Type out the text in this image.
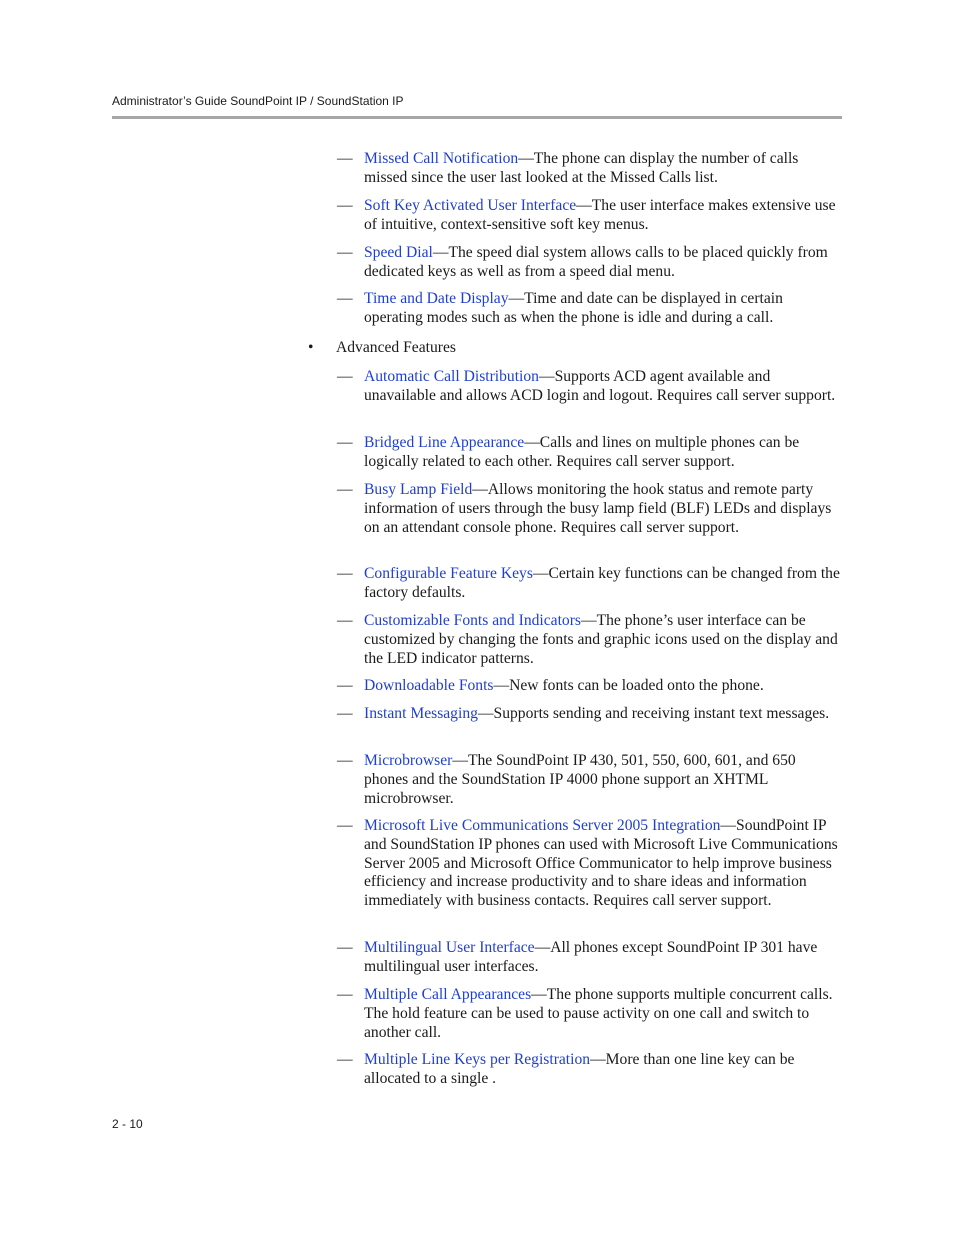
Administrator’s Guide SoundPoint IP / SoundStation IP
— Missed Call Notification—The phone can display the number of calls missed since the user last looked at the Missed Calls list.
— Soft Key Activated User Interface—The user interface makes extensive use of intuitive, context-sensitive soft key menus.
— Speed Dial—The speed dial system allows calls to be placed quickly from dedicated keys as well as from a speed dial menu.
— Time and Date Display—Time and date can be displayed in certain operating modes such as when the phone is idle and during a call.
• Advanced Features
— Automatic Call Distribution—Supports ACD agent available and unavailable and allows ACD login and logout. Requires call server support.
— Bridged Line Appearance—Calls and lines on multiple phones can be logically related to each other. Requires call server support.
— Busy Lamp Field—Allows monitoring the hook status and remote party information of users through the busy lamp field (BLF) LEDs and displays on an attendant console phone. Requires call server support.
— Configurable Feature Keys—Certain key functions can be changed from the factory defaults.
— Customizable Fonts and Indicators—The phone’s user interface can be customized by changing the fonts and graphic icons used on the display and the LED indicator patterns.
— Downloadable Fonts—New fonts can be loaded onto the phone.
— Instant Messaging—Supports sending and receiving instant text messages.
— Microbrowser—The SoundPoint IP 430, 501, 550, 600, 601, and 650 phones and the SoundStation IP 4000 phone support an XHTML microbrowser.
— Microsoft Live Communications Server 2005 Integration—SoundPoint IP and SoundStation IP phones can used with Microsoft Live Communications Server 2005 and Microsoft Office Communicator to help improve business efficiency and increase productivity and to share ideas and information immediately with business contacts. Requires call server support.
— Multilingual User Interface—All phones except SoundPoint IP 301 have multilingual user interfaces.
— Multiple Call Appearances—The phone supports multiple concurrent calls. The hold feature can be used to pause activity on one call and switch to another call.
— Multiple Line Keys per Registration—More than one line key can be allocated to a single .
2 - 10
